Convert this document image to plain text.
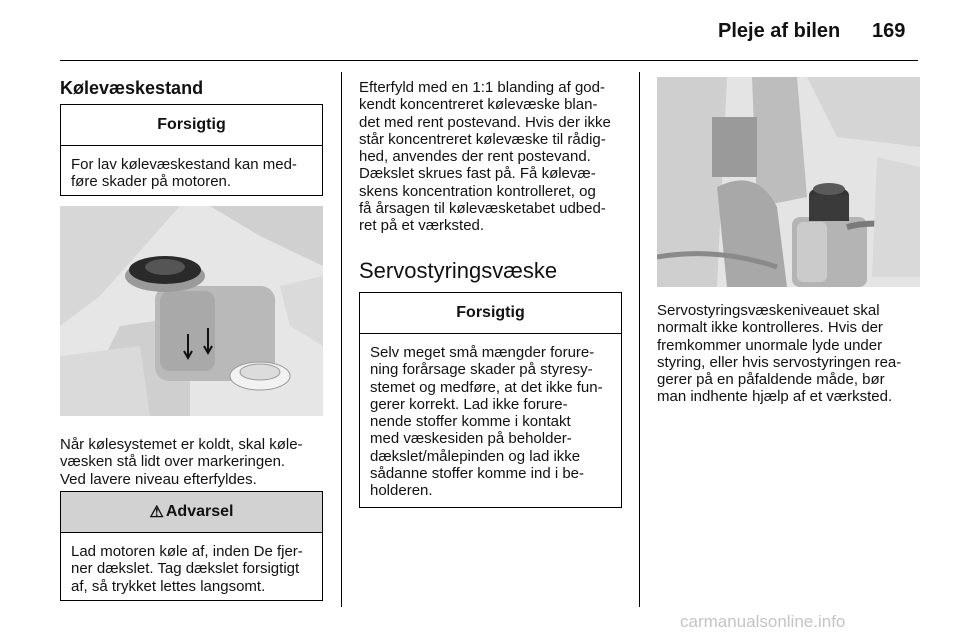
Pleje af bilen 169
Kølevæskestand
Forsigtig
For lav kølevæskestand kan med-
føre skader på motoren.

Når kølesystemet er koldt, skal køle-
væsken stå lidt over markeringen.
Ved lavere niveau efterfyldes.

⚠ Advarsel
Lad motoren køle af, inden De fjer-
ner dækslet. Tag dækslet forsigtigt
af, så trykket lettes langsomt.

Efterfyld med en 1:1 blanding af god-
kendt koncentreret kølevæske blan-
det med rent postevand. Hvis der ikke
står koncentreret kølevæske til rådig-
hed, anvendes der rent postevand.
Dækslet skrues fast på. Få kølevæ-
skens koncentration kontrolleret, og
få årsagen til kølevæsketabet udbed-
ret på et værksted.

Servostyringsvæske
Forsigtig
Selv meget små mængder forure-
ning forårsage skader på styresy-
stemet og medføre, at det ikke fun-
gerer korrekt. Lad ikke forure-
nende stoffer komme i kontakt
med væskesiden på beholder-
dækslet/målepinden og lad ikke
sådanne stoffer komme ind i be-
holderen.

Servostyringsvæskeniveauet skal
normalt ikke kontrolleres. Hvis der
fremkommer unormale lyde under
styring, eller hvis servostyringen rea-
gerer på en påfaldende måde, bør
man indhente hjælp af et værksted.

carmanualsonline.info
